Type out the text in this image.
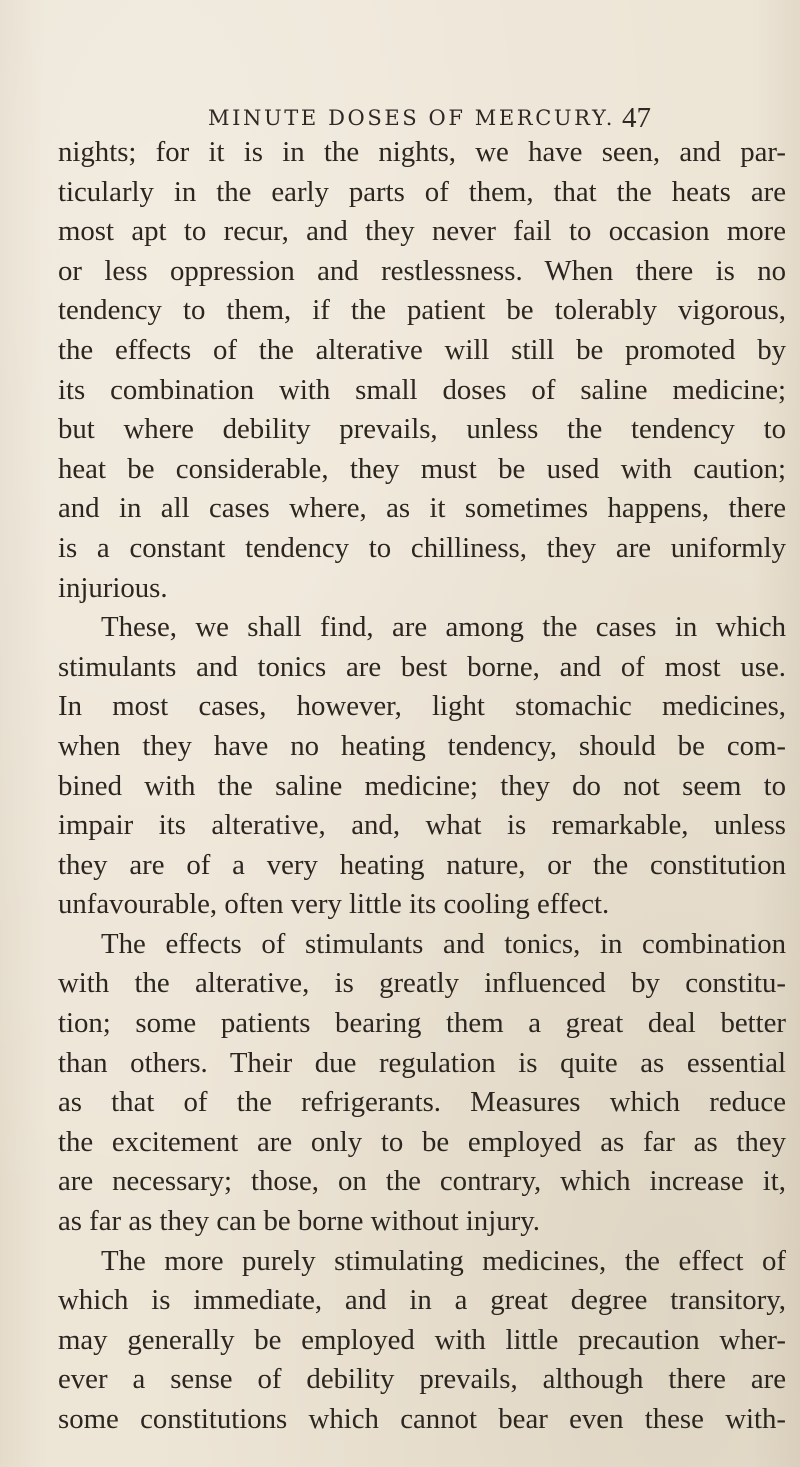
MINUTE DOSES OF MERCURY. 47
nights; for it is in the nights, we have seen, and par-
ticularly in the early parts of them, that the heats are
most apt to recur, and they never fail to occasion more
or less oppression and restlessness. When there is no
tendency to them, if the patient be tolerably vigorous,
the effects of the alterative will still be promoted by
its combination with small doses of saline medicine;
but where debility prevails, unless the tendency to
heat be considerable, they must be used with caution;
and in all cases where, as it sometimes happens, there
is a constant tendency to chilliness, they are uniformly
injurious.
These, we shall find, are among the cases in which
stimulants and tonics are best borne, and of most use.
In most cases, however, light stomachic medicines,
when they have no heating tendency, should be com-
bined with the saline medicine; they do not seem to
impair its alterative, and, what is remarkable, unless
they are of a very heating nature, or the constitution
unfavourable, often very little its cooling effect.
The effects of stimulants and tonics, in combination
with the alterative, is greatly influenced by constitu-
tion; some patients bearing them a great deal better
than others. Their due regulation is quite as essential
as that of the refrigerants. Measures which reduce
the excitement are only to be employed as far as they
are necessary; those, on the contrary, which increase it,
as far as they can be borne without injury.
The more purely stimulating medicines, the effect of
which is immediate, and in a great degree transitory,
may generally be employed with little precaution wher-
ever a sense of debility prevails, although there are
some constitutions which cannot bear even these with-
